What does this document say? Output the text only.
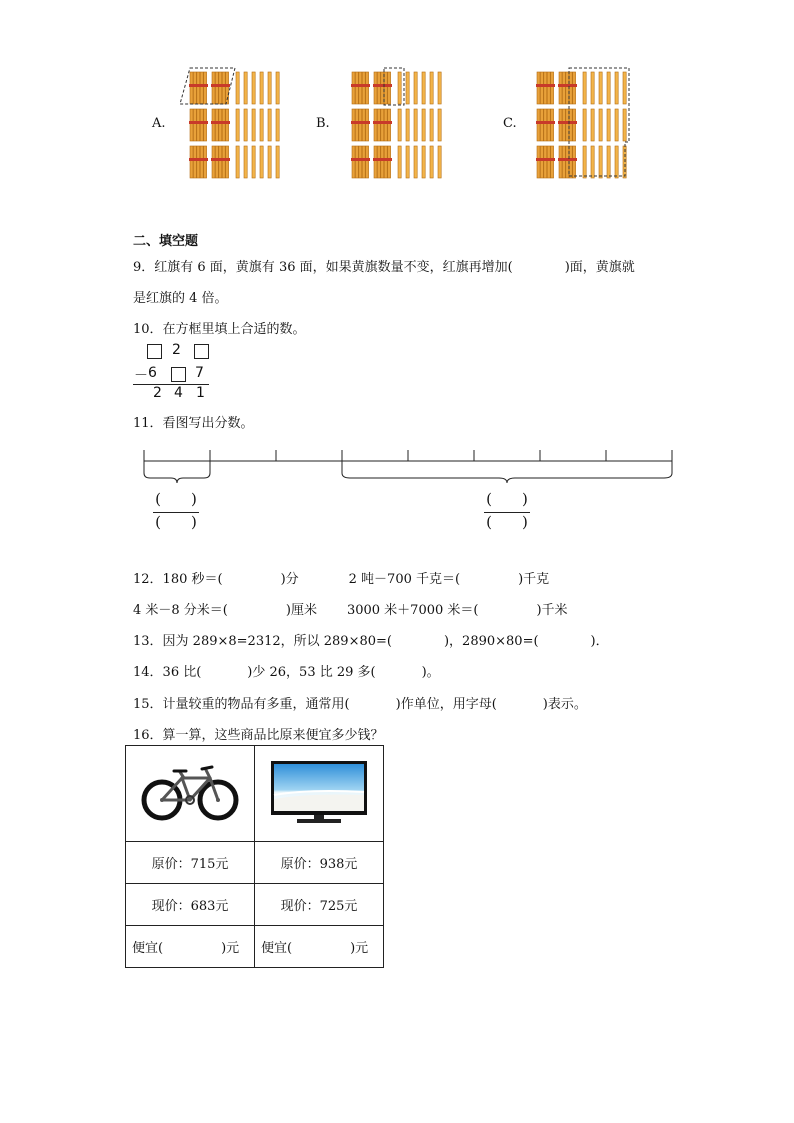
A.	B.	C.
二、填空题
9．红旗有 6 面，黄旗有 36 面，如果黄旗数量不变，红旗再增加(	)面，黄旗就
是红旗的 4 倍。
10．在方框里填上合适的数。
2
－ 6	7
2 4 1
11．看图写出分数。
( )
( )
( )
( )
12．180 秒＝(	)分	2 吨－700 千克＝(	)千克
4 米－8 分米＝(	)厘米 3000 米＋7000 米＝(	)千米
13．因为 289×8=2312，所以 289×80=(	)，2890×80=(	)．
14．36 比(	)少 26，53 比 29 多(	)。
15．计量较重的物品有多重，通常用(	)作单位，用字母(	)表示。
16．算一算，这些商品比原来便宜多少钱？

原价：715元	原价：938元
现价：683元	现价：725元
便宜( )元	便宜( )元
